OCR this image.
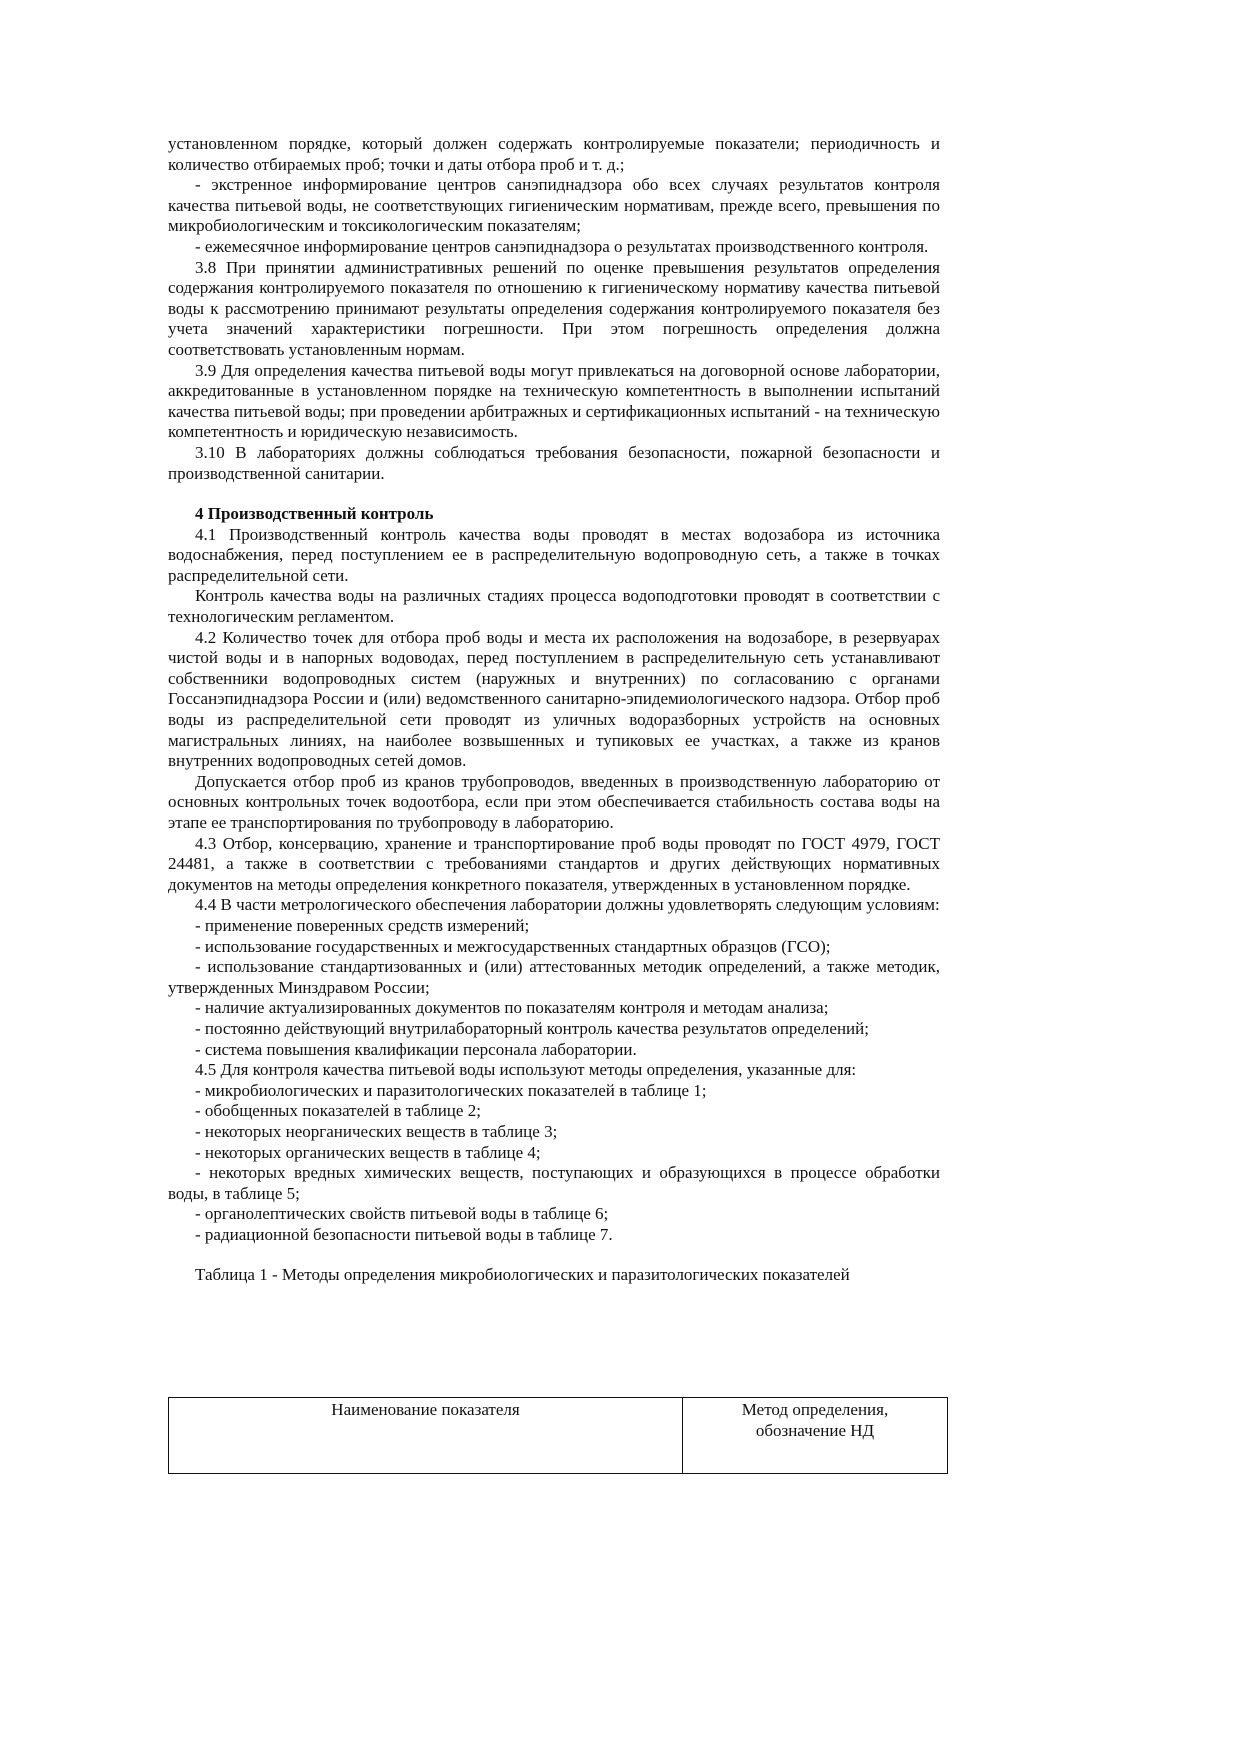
установленном порядке, который должен содержать контролируемые показатели; периодичность и количество отбираемых проб; точки и даты отбора проб и т. д.;

- экстренное информирование центров санэпиднадзора обо всех случаях результатов контроля качества питьевой воды, не соответствующих гигиеническим нормативам, прежде всего, превышения по микробиологическим и токсикологическим показателям;

- ежемесячное информирование центров санэпиднадзора о результатах производственного контроля.

3.8 При принятии административных решений по оценке превышения результатов определения содержания контролируемого показателя по отношению к гигиеническому нормативу качества питьевой воды к рассмотрению принимают результаты определения содержания контролируемого показателя без учета значений характеристики погрешности. При этом погрешность определения должна соответствовать установленным нормам.

3.9 Для определения качества питьевой воды могут привлекаться на договорной основе лаборатории, аккредитованные в установленном порядке на техническую компетентность в выполнении испытаний качества питьевой воды; при проведении арбитражных и сертификационных испытаний - на техническую компетентность и юридическую независимость.

3.10 В лабораториях должны соблюдаться требования безопасности, пожарной безопасности и производственной санитарии.

4 Производственный контроль

4.1 Производственный контроль качества воды проводят в местах водозабора из источника водоснабжения, перед поступлением ее в распределительную водопроводную сеть, а также в точках распределительной сети.

Контроль качества воды на различных стадиях процесса водоподготовки проводят в соответствии с технологическим регламентом.

4.2 Количество точек для отбора проб воды и места их расположения на водозаборе, в резервуарах чистой воды и в напорных водоводах, перед поступлением в распределительную сеть устанавливают собственники водопроводных систем (наружных и внутренних) по согласованию с органами Госсанэпиднадзора России и (или) ведомственного санитарно-эпидемиологического надзора. Отбор проб воды из распределительной сети проводят из уличных водоразборных устройств на основных магистральных линиях, на наиболее возвышенных и тупиковых ее участках, а также из кранов внутренних водопроводных сетей домов.

Допускается отбор проб из кранов трубопроводов, введенных в производственную лабораторию от основных контрольных точек водоотбора, если при этом обеспечивается стабильность состава воды на этапе ее транспортирования по трубопроводу в лабораторию.

4.3 Отбор, консервацию, хранение и транспортирование проб воды проводят по ГОСТ 4979, ГОСТ 24481, а также в соответствии с требованиями стандартов и других действующих нормативных документов на методы определения конкретного показателя, утвержденных в установленном порядке.

4.4 В части метрологического обеспечения лаборатории должны удовлетворять следующим условиям:

- применение поверенных средств измерений;

- использование государственных и межгосударственных стандартных образцов (ГСО);

- использование стандартизованных и (или) аттестованных методик определений, а также методик, утвержденных Минздравом России;

- наличие актуализированных документов по показателям контроля и методам анализа;

- постоянно действующий внутрилабораторный контроль качества результатов определений;

- система повышения квалификации персонала лаборатории.

4.5 Для контроля качества питьевой воды используют методы определения, указанные для:

- микробиологических и паразитологических показателей в таблице 1;

- обобщенных показателей в таблице 2;

- некоторых неорганических веществ в таблице 3;

- некоторых органических веществ в таблице 4;

- некоторых вредных химических веществ, поступающих и образующихся в процессе обработки воды, в таблице 5;

- органолептических свойств питьевой воды в таблице 6;

- радиационной безопасности питьевой воды в таблице 7.

Таблица 1 - Методы определения микробиологических и паразитологических показателей

Наименование показателя	Метод определения,
обозначение НД
